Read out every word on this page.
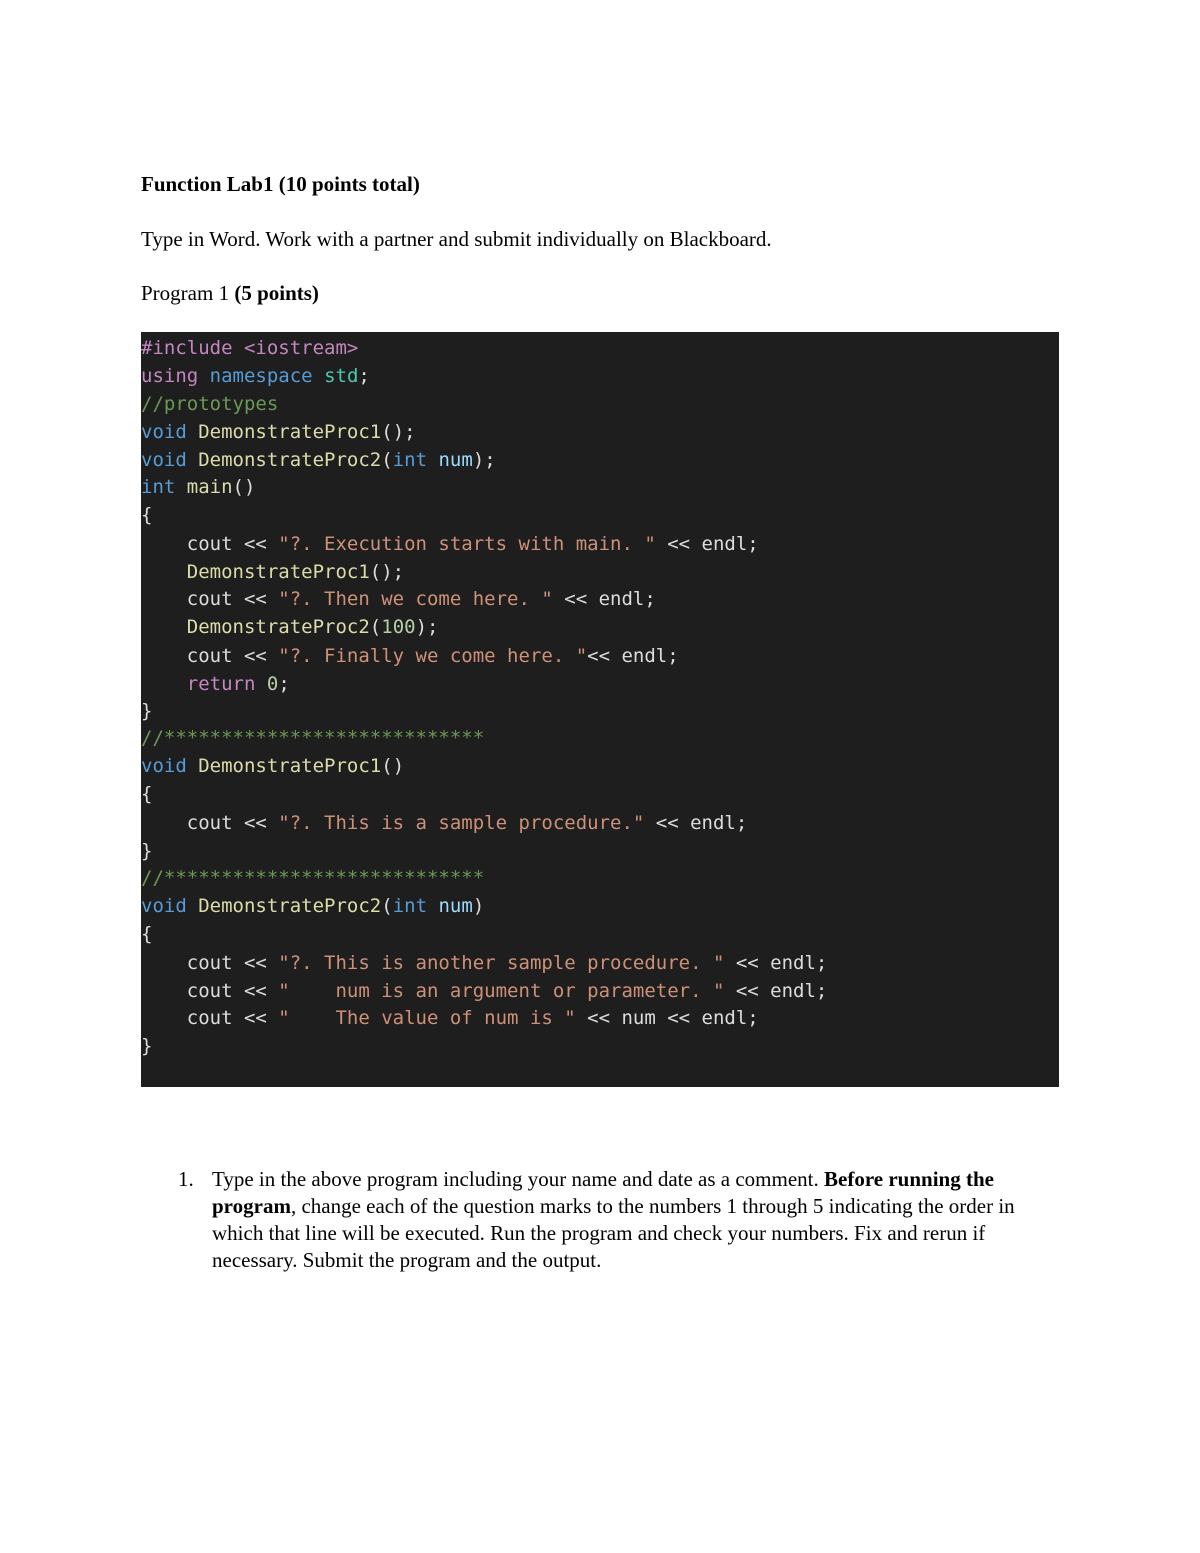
Function Lab1 (10 points total)
Type in Word. Work with a partner and submit individually on Blackboard.
Program 1 (5 points)
#include <iostream>
using namespace std;
//prototypes
void DemonstrateProc1();
void DemonstrateProc2(int num);
int main()
{
cout << "?. Execution starts with main. " << endl;
DemonstrateProc1();
cout << "?. Then we come here. " << endl;
DemonstrateProc2(100);
cout << "?. Finally we come here. "<< endl;
return 0;
}
//****************************
void DemonstrateProc1()
{
cout << "?. This is a sample procedure." << endl;
}
//****************************
void DemonstrateProc2(int num)
{
cout << "?. This is another sample procedure. " << endl;
cout << "    num is an argument or parameter. " << endl;
cout << "    The value of num is " << num << endl;
}
1. Type in the above program including your name and date as a comment. Before running the program, change each of the question marks to the numbers 1 through 5 indicating the order in which that line will be executed. Run the program and check your numbers. Fix and rerun if necessary. Submit the program and the output.
